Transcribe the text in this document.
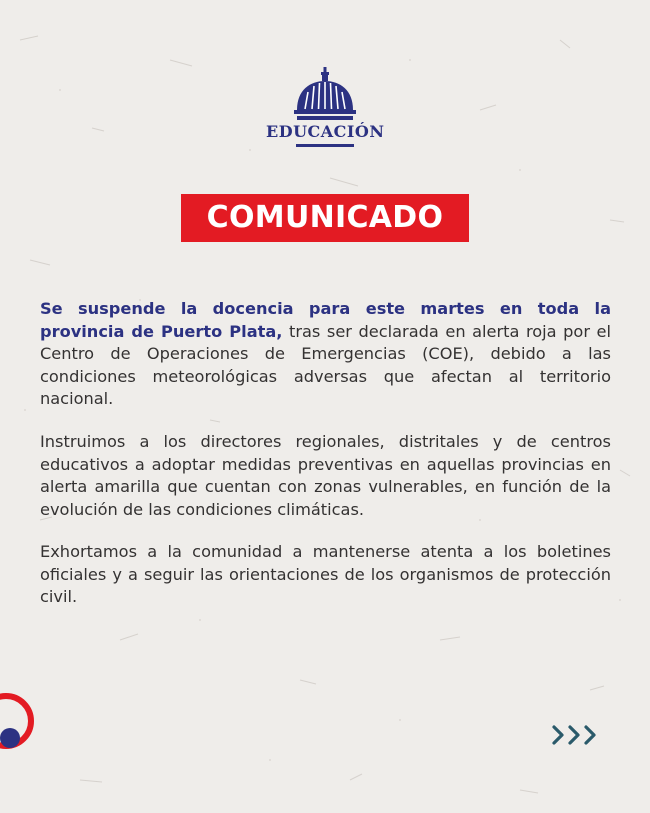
EDUCACIÓN
COMUNICADO

Se suspende la docencia para este martes en toda la provincia de Puerto Plata, tras ser declarada en alerta roja por el Centro de Operaciones de Emergencias (COE), debido a las condiciones meteorológicas adversas que afectan al territorio nacional.

Instruimos a los directores regionales, distritales y de centros educativos a adoptar medidas preventivas en aquellas provincias en alerta amarilla que cuentan con zonas vulnerables, en función de la evolución de las condiciones climáticas.

Exhortamos a la comunidad a mantenerse atenta a los boletines oficiales y a seguir las orientaciones de los organismos de protección civil.
